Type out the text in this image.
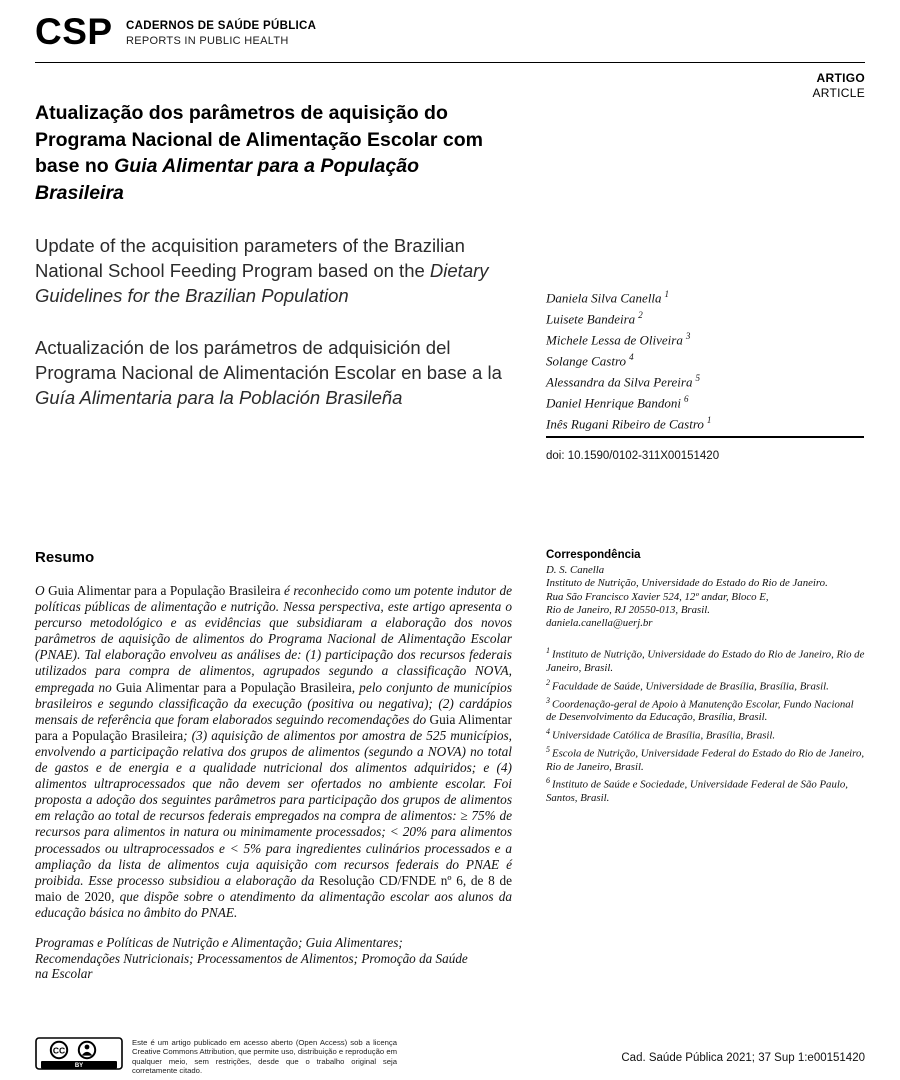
CSP CADERNOS DE SAÚDE PÚBLICA
REPORTS IN PUBLIC HEALTH
ARTIGO
ARTICLE
Atualização dos parâmetros de aquisição do Programa Nacional de Alimentação Escolar com base no Guia Alimentar para a População Brasileira

Update of the acquisition parameters of the Brazilian National School Feeding Program based on the Dietary Guidelines for the Brazilian Population

Actualización de los parámetros de adquisición del Programa Nacional de Alimentación Escolar en base a la Guía Alimentaria para la Población Brasileña

Daniela Silva Canella $^1$
Luisete Bandeira $^2$
Michele Lessa de Oliveira $^3$
Solange Castro $^4$
Alessandra da Silva Pereira $^5$
Daniel Henrique Bandoni $^6$
Inês Rugani Ribeiro de Castro $^1$
doi: 10.1590/0102-311X00151420
Resumo

O Guia Alimentar para a População Brasileira é reconhecido como um potente indutor de políticas públicas de alimentação e nutrição. Nessa perspectiva, este artigo apresenta o percurso metodológico e as evidências que subsidiaram a elaboração dos novos parâmetros de aquisição de alimentos do Programa Nacional de Alimentação Escolar (PNAE). Tal elaboração envolveu as análises de: (1) participação dos recursos federais utilizados para compra de alimentos, agrupados segundo a classificação NOVA, empregada no Guia Alimentar para a População Brasileira, pelo conjunto de municípios brasileiros e segundo classificação da execução (positiva ou negativa); (2) cardápios mensais de referência que foram elaborados seguindo recomendações do Guia Alimentar para a População Brasileira; (3) aquisição de alimentos por amostra de 525 municípios, envolvendo a participação relativa dos grupos de alimentos (segundo a NOVA) no total de gastos e de energia e a qualidade nutricional dos alimentos adquiridos; e (4) alimentos ultraprocessados que não devem ser ofertados no ambiente escolar. Foi proposta a adoção dos seguintes parâmetros para participação dos grupos de alimentos em relação ao total de recursos federais empregados na compra de alimentos: ≥ 75% de recursos para alimentos in natura ou minimamente processados; < 20% para alimentos processados ou ultraprocessados e < 5% para ingredientes culinários processados e a ampliação da lista de alimentos cuja aquisição com recursos federais do PNAE é proibida. Esse processo subsidiou a elaboração da Resolução CD/FNDE nº 6, de 8 de maio de 2020, que dispõe sobre o atendimento da alimentação escolar aos alunos da educação básica no âmbito do PNAE.

Programas e Políticas de Nutrição e Alimentação; Guia Alimentares; Recomendações Nutricionais; Processamentos de Alimentos; Promoção da Saúde na Escolar

Correspondência

D. S. Canella

Instituto de Nutrição, Universidade do Estado do Rio de Janeiro.

Rua São Francisco Xavier 524, 12º andar, Bloco E,

Rio de Janeiro, RJ 20550-013, Brasil.

daniela.canella@uerj.br

$^1$ Instituto de Nutrição, Universidade do Estado do Rio de Janeiro, Rio de Janeiro, Brasil.

$^2$ Faculdade de Saúde, Universidade de Brasília, Brasília, Brasil.

$^3$ Coordenação-geral de Apoio à Manutenção Escolar, Fundo Nacional de Desenvolvimento da Educação, Brasília, Brasil.

$^4$ Universidade Católica de Brasília, Brasília, Brasil.

$^5$ Escola de Nutrição, Universidade Federal do Estado do Rio de Janeiro, Rio de Janeiro, Brasil.

$^6$ Instituto de Saúde e Sociedade, Universidade Federal de São Paulo, Santos, Brasil.

CC
BY
Este é um artigo publicado em acesso aberto (Open Access) sob a licença Creative Commons Attribution, que permite uso, distribuição e reprodução em qualquer meio, sem restrições, desde que o trabalho original seja corretamente citado.
Cad. Saúde Pública 2021; 37 Sup 1:e00151420
